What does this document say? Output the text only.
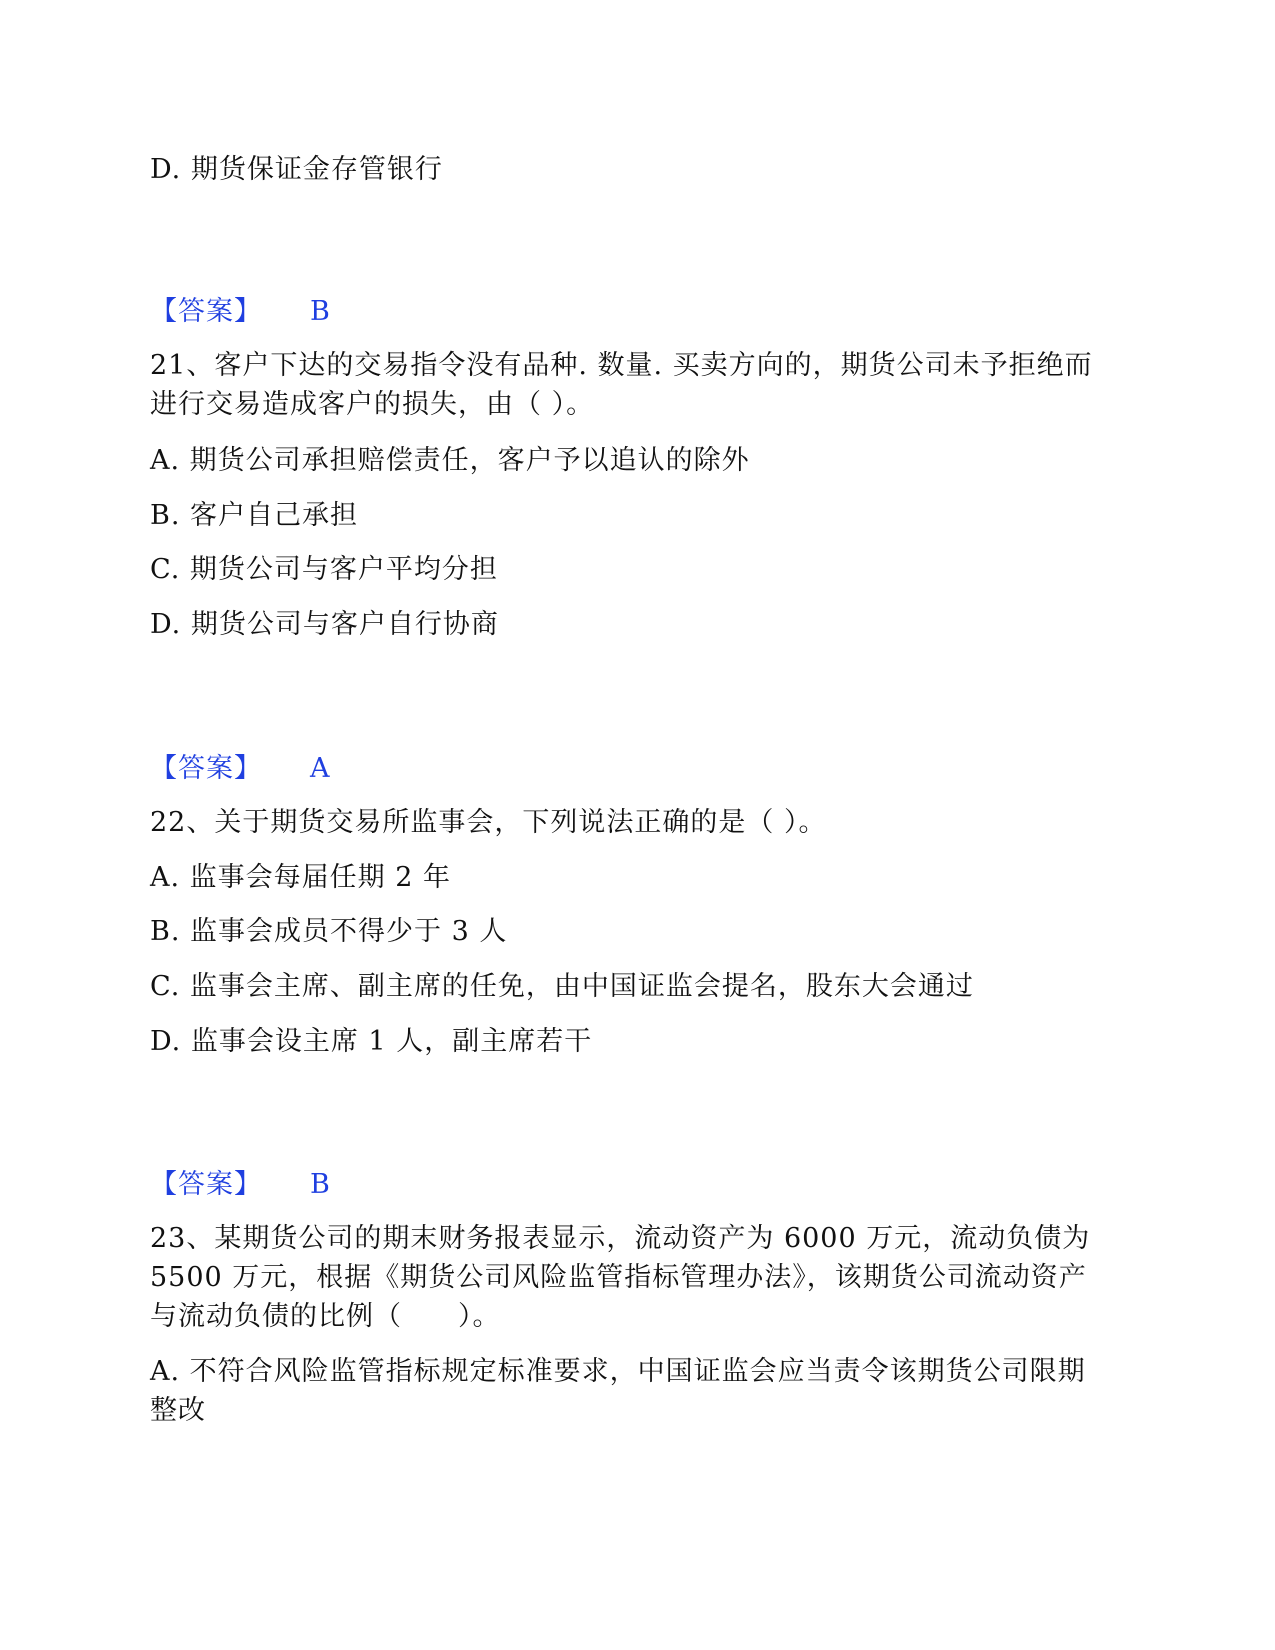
D. 期货保证金存管银行
【答案】 B
21、客户下达的交易指令没有品种. 数量. 买卖方向的，期货公司未予拒绝而
进行交易造成客户的损失，由（ ）。
A. 期货公司承担赔偿责任，客户予以追认的除外
B. 客户自己承担
C. 期货公司与客户平均分担
D. 期货公司与客户自行协商
【答案】 A
22、关于期货交易所监事会，下列说法正确的是（ ）。
A. 监事会每届任期 2 年
B. 监事会成员不得少于 3 人
C. 监事会主席、副主席的任免，由中国证监会提名，股东大会通过
D. 监事会设主席 1 人，副主席若干
【答案】 B
23、某期货公司的期末财务报表显示，流动资产为 6000 万元，流动负债为
5500 万元，根据《期货公司风险监管指标管理办法》，该期货公司流动资产
与流动负债的比例（　　）。
A. 不符合风险监管指标规定标准要求，中国证监会应当责令该期货公司限期
整改
